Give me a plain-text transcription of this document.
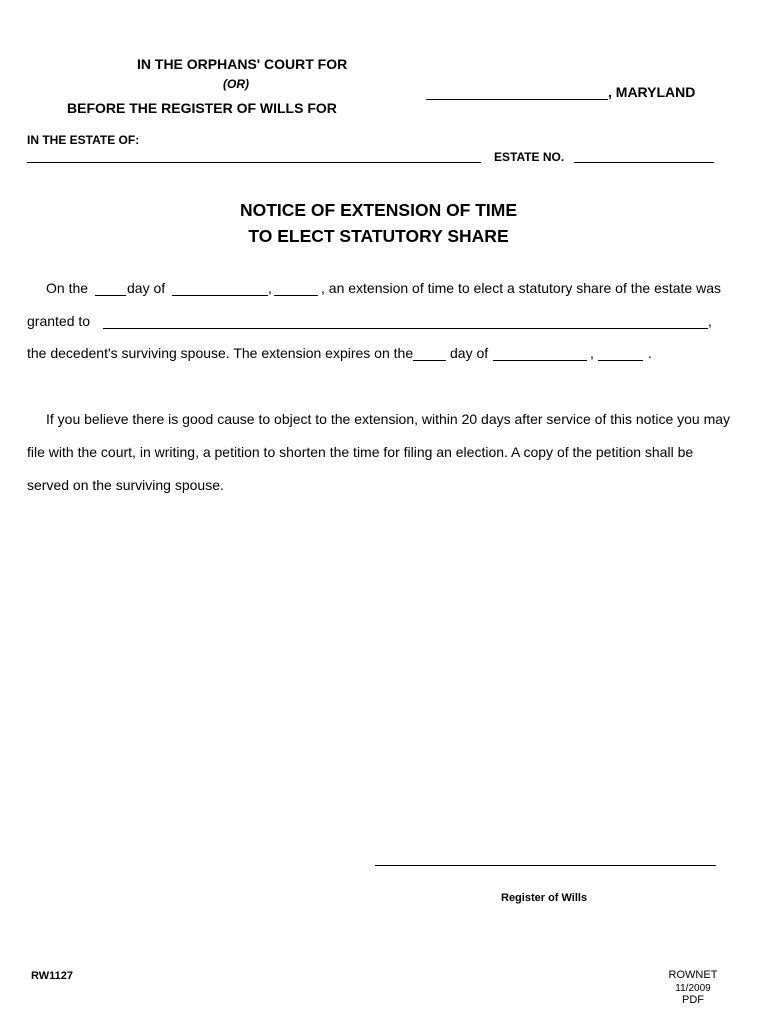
IN THE ORPHANS' COURT FOR
(OR)
BEFORE THE REGISTER OF WILLS FOR
, MARYLAND
IN THE ESTATE OF:
ESTATE NO.
NOTICE OF EXTENSION OF TIME
TO ELECT STATUTORY SHARE
On the	day of	,	, an extension of time to elect a statutory share of the estate was
granted to	,
the decedent's surviving spouse. The extension expires on the	day of	,	.
If you believe there is good cause to object to the extension, within 20 days after service of this notice you may
file with the court, in writing, a petition to shorten the time for filing an election. A copy of the petition shall be
served on the surviving spouse.
Register of Wills
RW1127	ROWNET
11/2009
PDF
